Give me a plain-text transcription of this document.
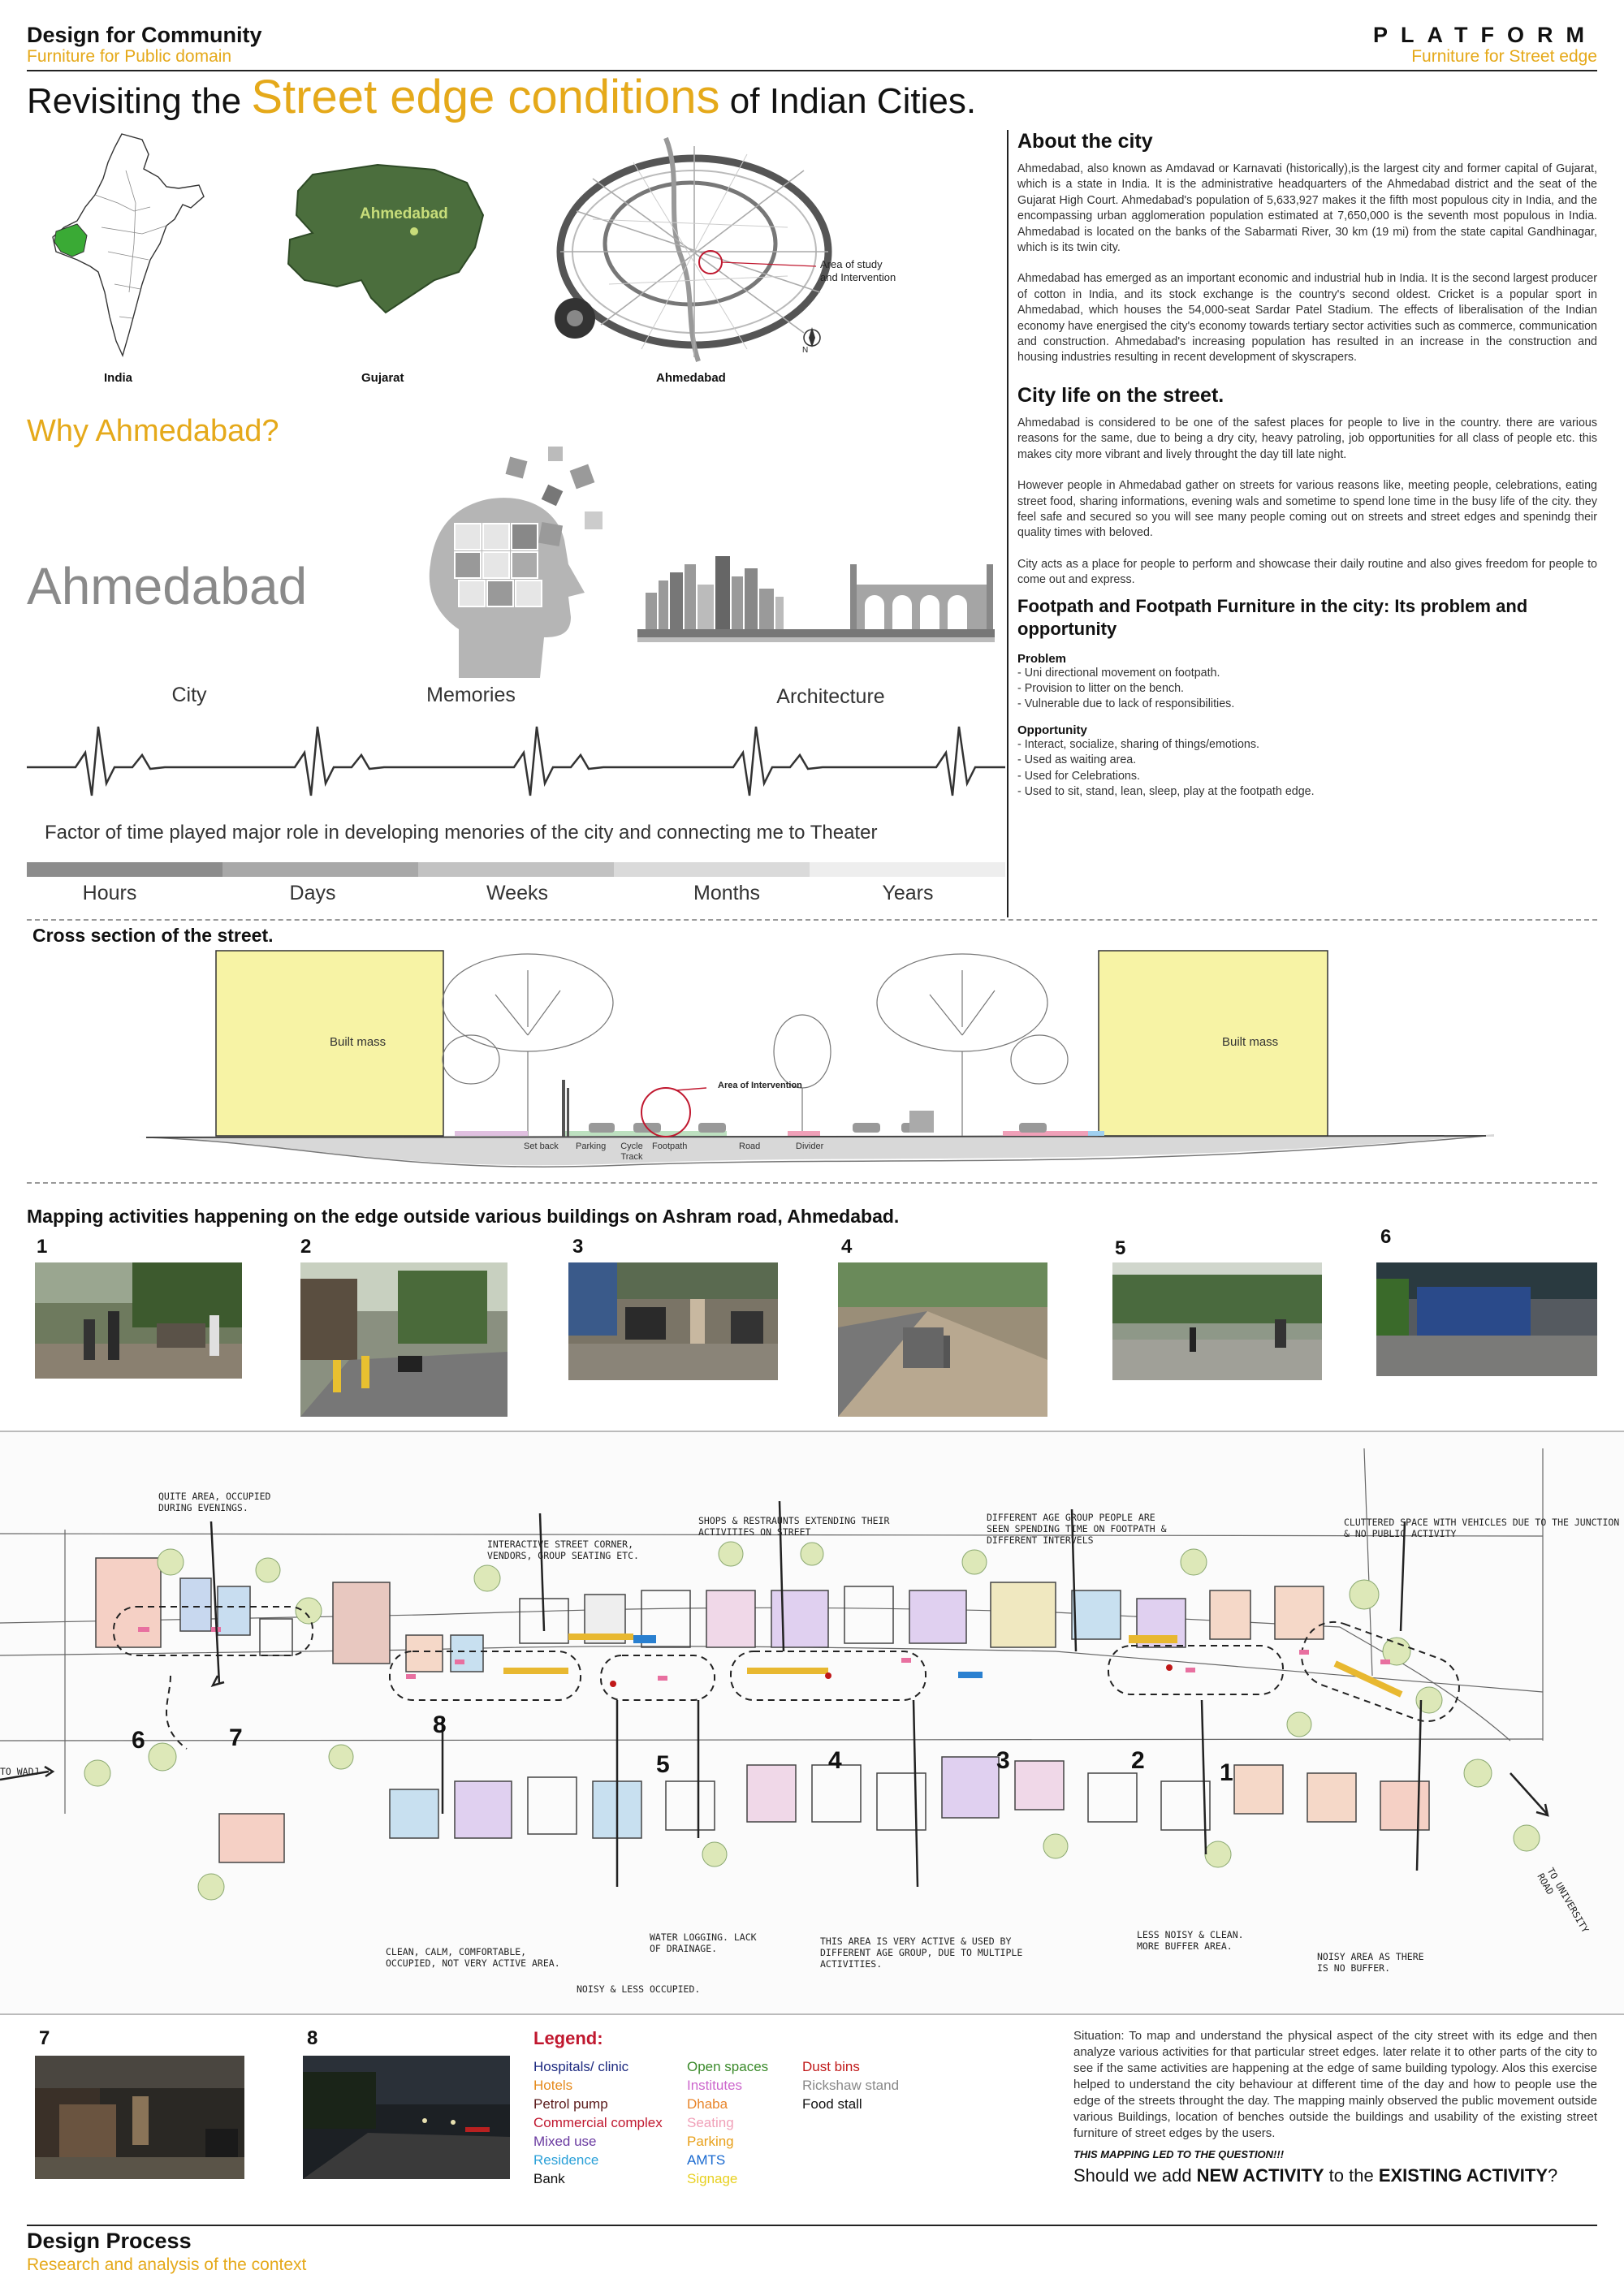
Design for Community
Furniture for Public domain
PLATFORM
Furniture for Street edge
Revisiting the Street edge conditions of Indian Cities.
India
Ahmedabad
Gujarat
Area of study
and Intervention
N
Ahmedabad
Why Ahmedabad?
Ahmedabad
City	Memories	Architecture
Factor of time played major role in developing menories of the city and connecting me to Theater
Hours	Days	Weeks	Months	Years
About the city

Ahmedabad, also known as Amdavad or Karnavati (historically),is the largest city and former capital of Gujarat, which is a state in India. It is the administrative headquarters of the Ahmedabad district and the seat of the Gujarat High Court. Ahmedabad's population of 5,633,927 makes it the fifth most populous city in India, and the encompassing urban agglomeration population estimated at 7,650,000 is the seventh most populous in India. Ahmedabad is located on the banks of the Sabarmati River, 30 km (19 mi) from the state capital Gandhinagar, which is its twin city.

Ahmedabad has emerged as an important economic and industrial hub in India. It is the second largest producer of cotton in India, and its stock exchange is the country's second oldest. Cricket is a popular sport in Ahmedabad, which houses the 54,000-seat Sardar Patel Stadium. The effects of liberalisation of the Indian economy have energised the city's economy towards tertiary sector activities such as commerce, communication and construction. Ahmedabad's increasing population has resulted in an increase in the construction and housing industries resulting in recent development of skyscrapers.

City life on the street.

Ahmedabad is considered to be one of the safest places for people to live in the country. there are various reasons for the same, due to being a dry city, heavy patroling, job opportunities for all class of people etc. this makes city more vibrant and lively throught the day till late night.

However people in Ahmedabad gather on streets for various reasons like, meeting people, celebrations, eating street food, sharing informations, evening wals and sometime to spend lone time in the busy life of the city. they feel safe and secured so you will see many people coming out on streets and street edges and spenindg their quality times with beloved.

City acts as a place for people to perform and showcase their daily routine and also gives freedom for people to come out and express.

Footpath and Footpath Furniture in the city: Its problem and opportunity
Problem
- Uni directional movement on footpath.
- Provision to litter on the bench.
- Vulnerable due to lack of responsibilities.
Opportunity
- Interact, socialize, sharing of things/emotions.
- Used as waiting area.
- Used for Celebrations.
- Used to sit, stand, lean, sleep, play at the footpath edge.
Cross section of the street.
Built mass	Built mass
Area of Intervention
Set back Parking	Cycle Track
Footpath	Road	Divider
Mapping activities happening on the edge outside various buildings on Ashram road, Ahmedabad.
1	2	3	4	5
6
QUITE AREA, OCCUPIED DURING EVENINGS.
INTERACTIVE STREET CORNER, VENDORS, GROUP SEATING ETC.
SHOPS & RESTRAUNTS EXTENDING THEIR ACTIVITIES ON STREET
DIFFERENT AGE GROUP PEOPLE ARE SEEN SPENDING TIME ON FOOTPATH & DIFFERENT INTERVELS
CLUTTERED SPACE WITH VEHICLES DUE TO THE JUNCTION & NO PUBLIC ACTIVITY
CLEAN, CALM, COMFORTABLE, OCCUPIED, NOT VERY ACTIVE AREA.
NOISY & LESS OCCUPIED.
WATER LOGGING. LACK OF DRAINAGE.
THIS AREA IS VERY ACTIVE & USED BY DIFFERENT AGE GROUP, DUE TO MULTIPLE ACTIVITIES.
LESS NOISY & CLEAN. MORE BUFFER AREA.
NOISY AREA AS THERE IS NO BUFFER.
TO WADJ
TO UNIVERSITY ROAD
1
2
3
4
5
6	7	8
7	8	Legend:
Hospitals/ clinic
Hotels
Petrol pump
Commercial complex
Mixed use
Residence
Bank
Open spaces
Institutes
Dhaba
Seating
Parking
AMTS
Signage
Dust bins
Rickshaw stand
Food stall

Situation: To map and understand the physical aspect of the city street with its edge and then analyze various activities for that particular street edges. later relate it to other parts of the city to see if the same activities are happening at the edge of same building typology. Alos this exercise helped to understand the city behaviour at different time of the day and how to people use the edge of the streets throught the day. The mapping mainly observed the public movement outside various Buildings, location of benches outside the buildings and usability of the existing street furniture of street edges by the users.

THIS MAPPING LED TO THE QUESTION!!!
Should we add NEW ACTIVITY to the EXISTING ACTIVITY?
Design Process
Research and analysis of the context
